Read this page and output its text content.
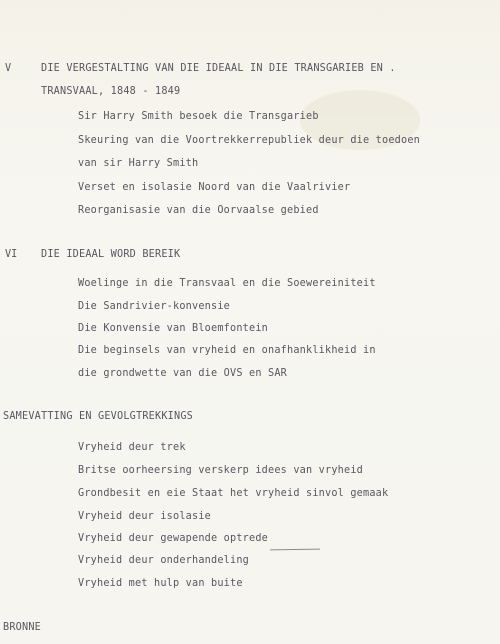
V	DIE VERGESTALTING VAN DIE IDEAAL IN DIE TRANSGARIEB EN .
TRANSVAAL, 1848 - 1849
Sir Harry Smith besoek die Transgarieb
Skeuring van die Voortrekkerrepubliek deur die toedoen
van sir Harry Smith
Verset en isolasie Noord van die Vaalrivier
Reorganisasie van die Oorvaalse gebied
VI DIE IDEAAL WORD BEREIK
Woelinge in die Transvaal en die Soewereiniteit
Die Sandrivier-konvensie
Die Konvensie van Bloemfontein
Die beginsels van vryheid en onafhanklikheid in
die grondwette van die OVS en SAR
SAMEVATTING EN GEVOLGTREKKINGS
Vryheid deur trek
Britse oorheersing verskerp idees van vryheid
Grondbesit en eie Staat het vryheid sinvol gemaak
Vryheid deur isolasie
Vryheid deur gewapende optrede
Vryheid deur onderhandeling
Vryheid met hulp van buite
BRONNE
